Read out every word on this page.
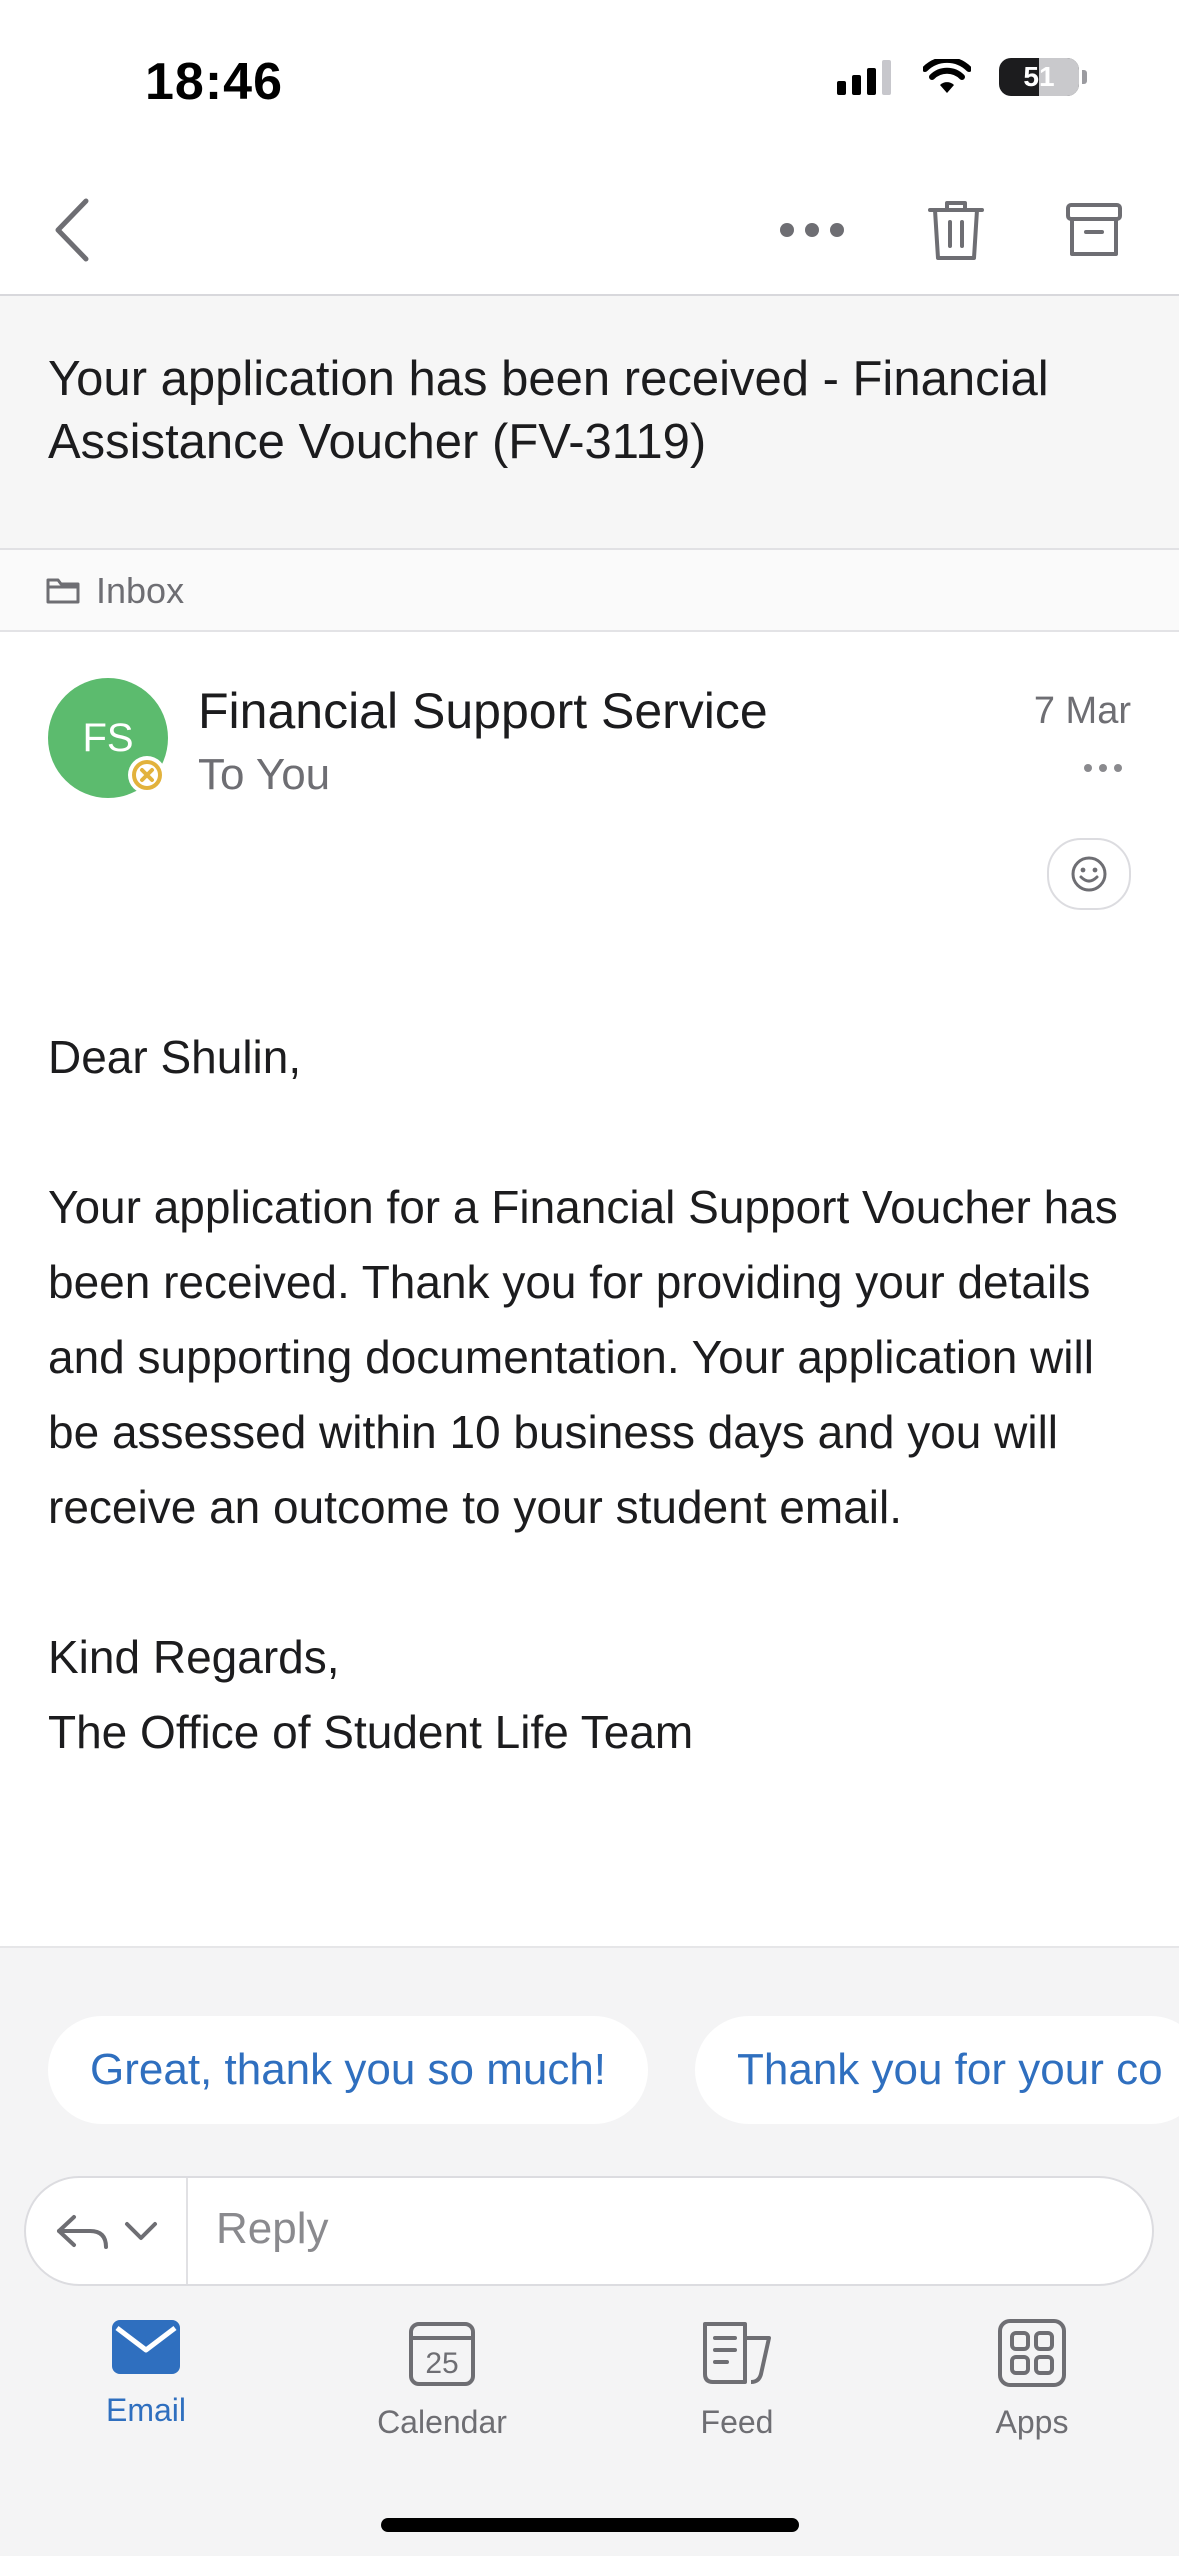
18:46	51
Your application has been received - Financial Assistance Voucher (FV-3119)
Inbox
FS Financial Support Service
To You
7 Mar

Dear Shulin,

Your application for a Financial Support Voucher has been received. Thank you for providing your details and supporting documentation. Your application will be assessed within 10 business days and you will receive an outcome to your student email.

Kind Regards,

The Office of Student Life Team

Great, thank you so much!	Thank you for your co
Reply
Email
25
Calendar	Feed	Apps
